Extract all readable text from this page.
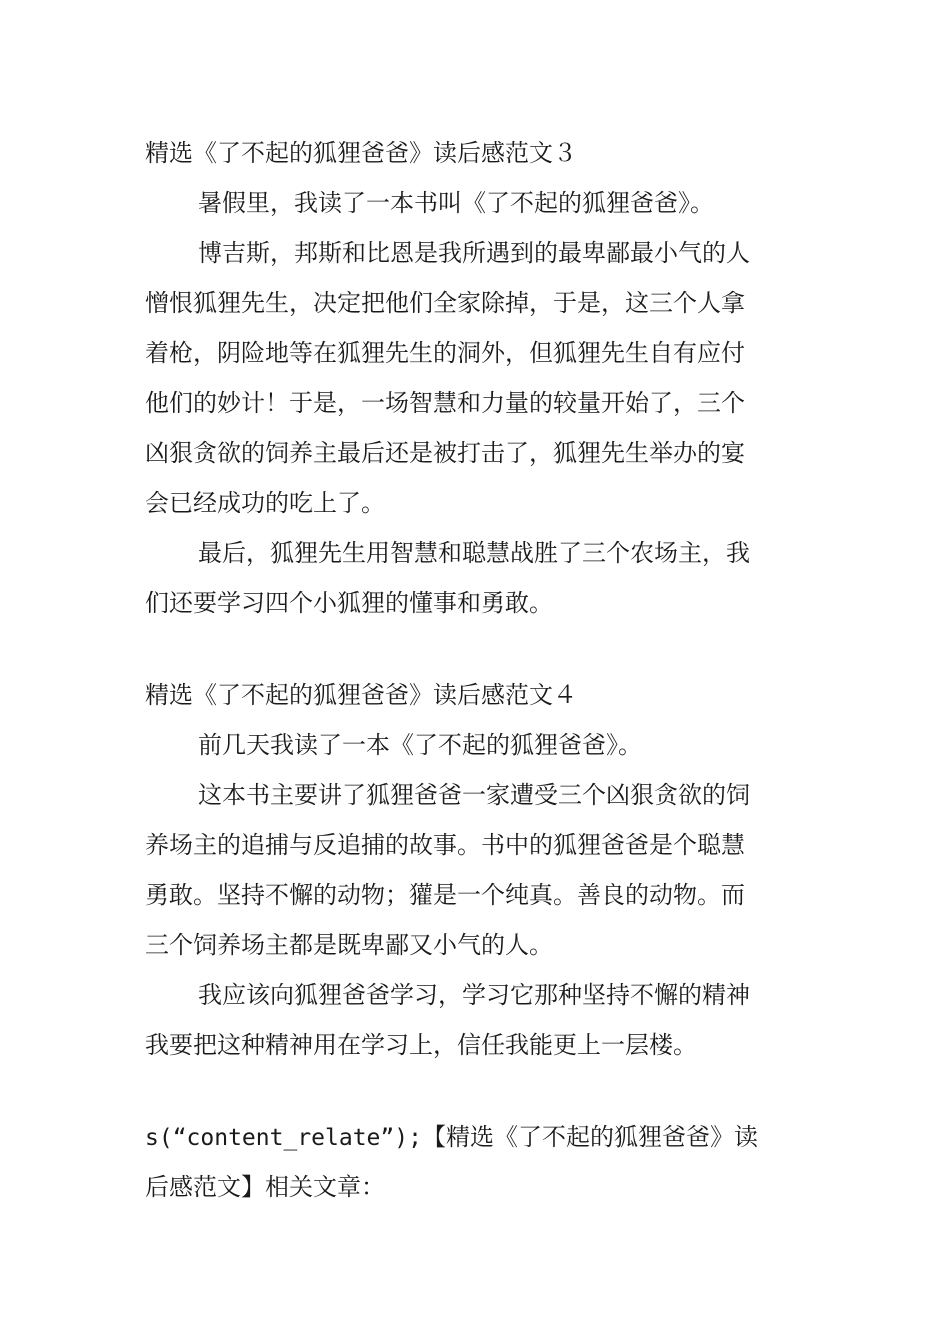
精选《了不起的狐狸爸爸》读后感范文３
暑假里，我读了一本书叫《了不起的狐狸爸爸》。
博吉斯，邦斯和比恩是我所遇到的最卑鄙最小气的人
憎恨狐狸先生，决定把他们全家除掉，于是，这三个人拿
着枪，阴险地等在狐狸先生的洞外，但狐狸先生自有应付
他们的妙计！于是，一场智慧和力量的较量开始了，三个
凶狠贪欲的饲养主最后还是被打击了，狐狸先生举办的宴
会已经成功的吃上了。
最后，狐狸先生用智慧和聪慧战胜了三个农场主，我
们还要学习四个小狐狸的懂事和勇敢。
精选《了不起的狐狸爸爸》读后感范文４
前几天我读了一本《了不起的狐狸爸爸》。
这本书主要讲了狐狸爸爸一家遭受三个凶狠贪欲的饲
养场主的追捕与反追捕的故事。书中的狐狸爸爸是个聪慧
勇敢。坚持不懈的动物；獾是一个纯真。善良的动物。而
三个饲养场主都是既卑鄙又小气的人。
我应该向狐狸爸爸学习，学习它那种坚持不懈的精神
我要把这种精神用在学习上，信任我能更上一层楼。
s(“content_relate”);【精选《了不起的狐狸爸爸》读
后感范文】相关文章：
